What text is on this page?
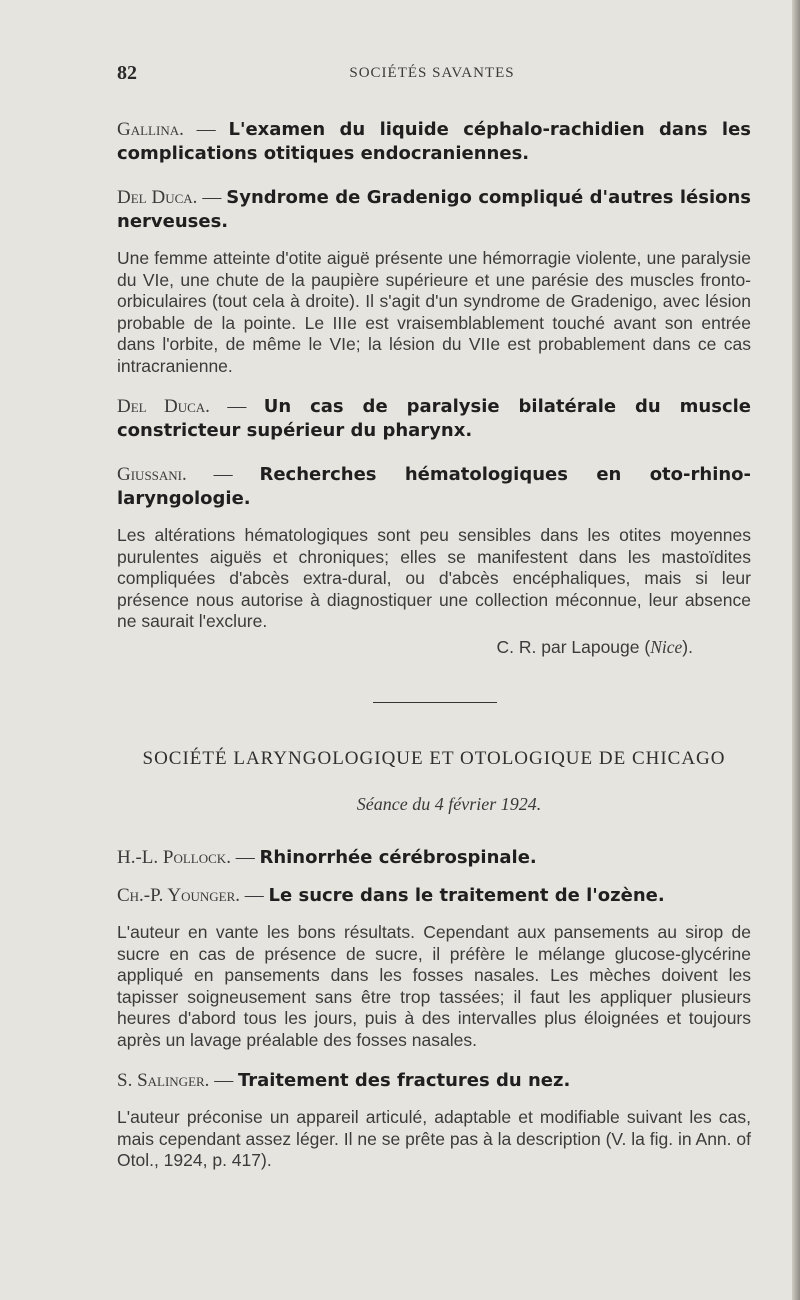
82	SOCIÉTÉS SAVANTES

Gallina. — L'examen du liquide céphalo-rachidien dans les complications otitiques endocraniennes.

Del Duca. — Syndrome de Gradenigo compliqué d'autres lésions nerveuses.

Une femme atteinte d'otite aiguë présente une hémorragie violente, une paralysie du VIe, une chute de la paupière supérieure et une parésie des muscles fronto-orbiculaires (tout cela à droite). Il s'agit d'un syndrome de Gradenigo, avec lésion probable de la pointe. Le IIIe est vraisemblablement touché avant son entrée dans l'orbite, de même le VIe; la lésion du VIIe est probablement dans ce cas intracranienne.

Del Duca. — Un cas de paralysie bilatérale du muscle constricteur supérieur du pharynx.

Giussani. — Recherches hématologiques en oto-rhino-laryngologie.

Les altérations hématologiques sont peu sensibles dans les otites moyennes purulentes aiguës et chroniques; elles se manifestent dans les mastoïdites compliquées d'abcès extra-dural, ou d'abcès encéphaliques, mais si leur présence nous autorise à diagnostiquer une collection méconnue, leur absence ne saurait l'exclure.

C. R. par Lapouge (Nice).

SOCIÉTÉ LARYNGOLOGIQUE ET OTOLOGIQUE DE CHICAGO
Séance du 4 février 1924.

H.-L. Pollock. — Rhinorrhée cérébrospinale.

Ch.-P. Younger. — Le sucre dans le traitement de l'ozène.

L'auteur en vante les bons résultats. Cependant aux pansements au sirop de sucre en cas de présence de sucre, il préfère le mélange glucose-glycérine appliqué en pansements dans les fosses nasales. Les mèches doivent les tapisser soigneusement sans être trop tassées; il faut les appliquer plusieurs heures d'abord tous les jours, puis à des intervalles plus éloignées et toujours après un lavage préalable des fosses nasales.

S. Salinger. — Traitement des fractures du nez.

L'auteur préconise un appareil articulé, adaptable et modifiable suivant les cas, mais cependant assez léger. Il ne se prête pas à la description (V. la fig. in Ann. of Otol., 1924, p. 417).
